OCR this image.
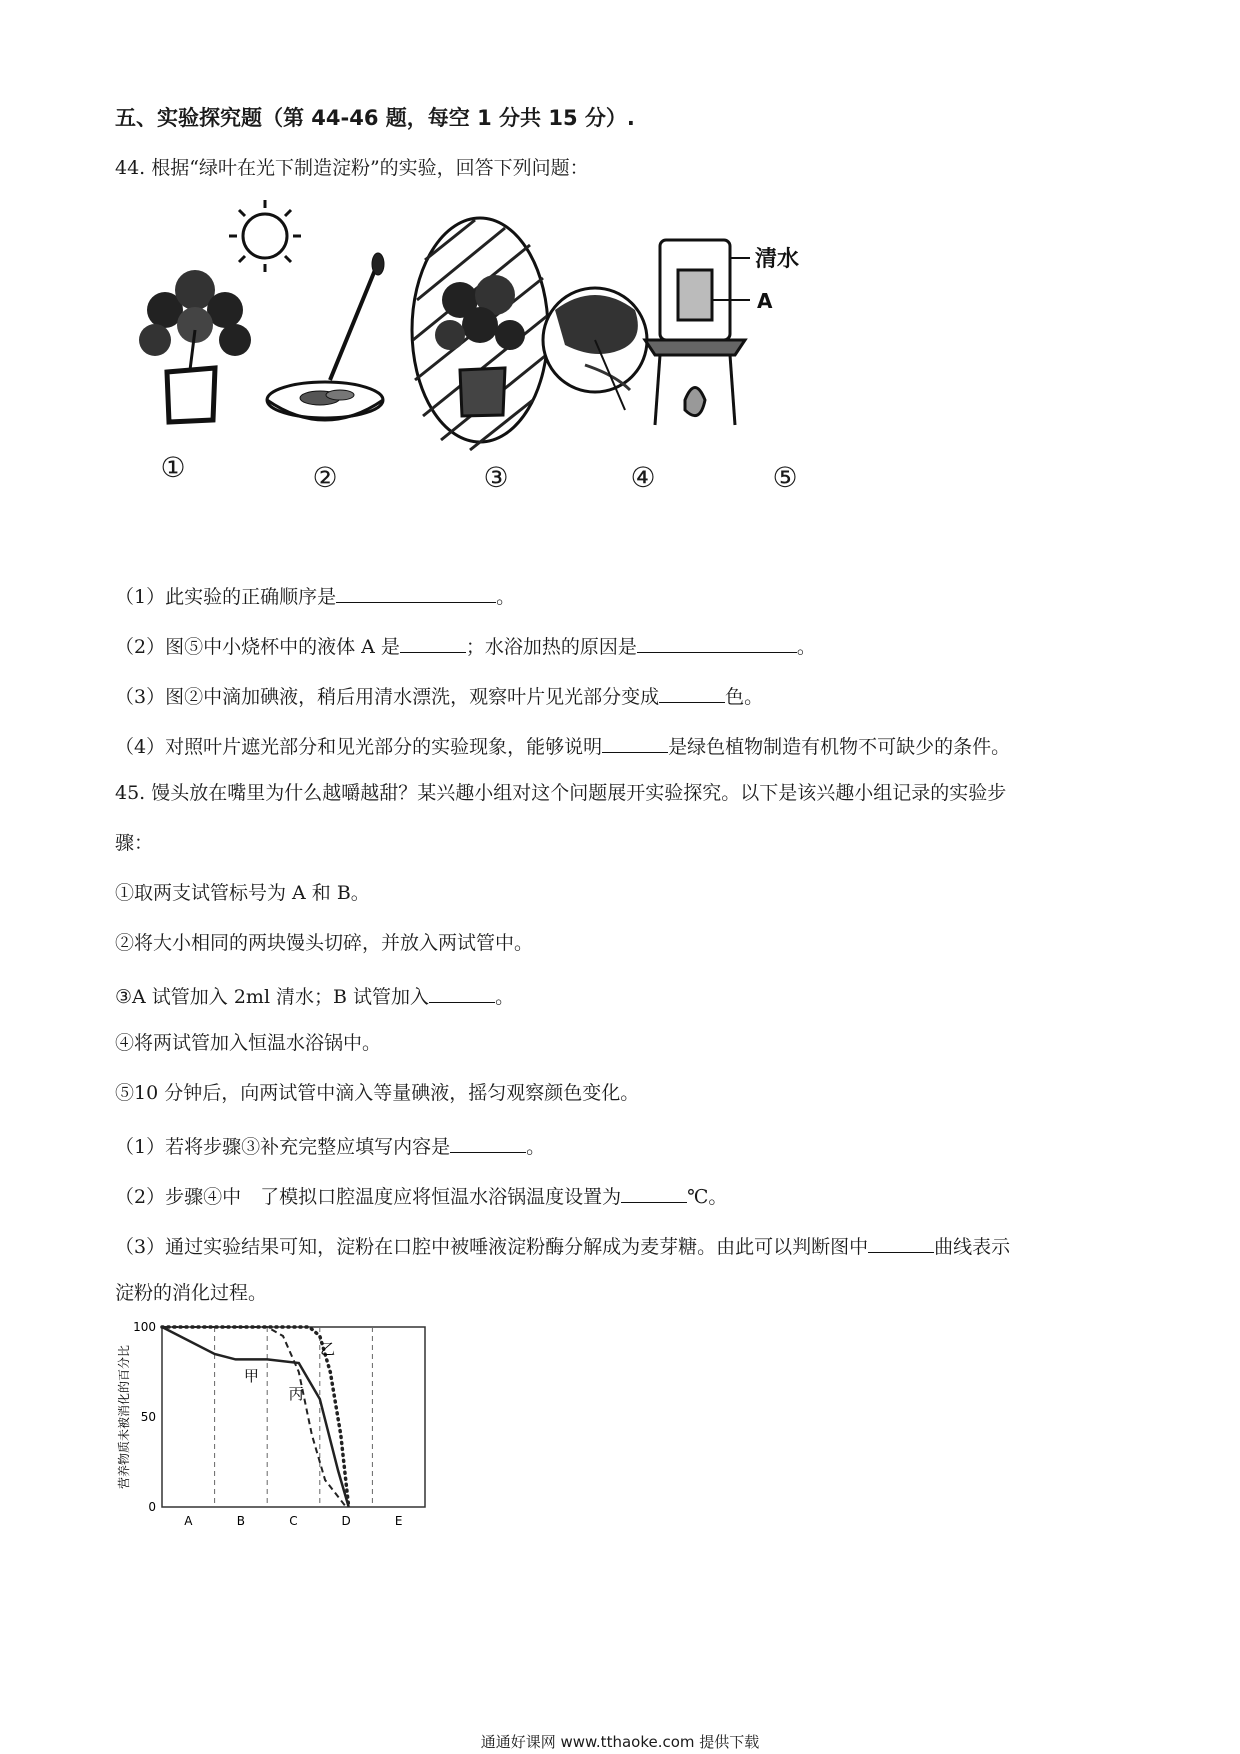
五、实验探究题（第 44-46 题，每空 1 分共 15 分）.
44. 根据“绿叶在光下制造淀粉”的实验，回答下列问题：
清水
A
①	②	③	④	⑤
（1）此实验的正确顺序是	。
（2）图⑤中小烧杯中的液体 A 是	；水浴加热的原因是	。
（3）图②中滴加碘液，稍后用清水漂洗，观察叶片见光部分变成	色。
（4）对照叶片遮光部分和见光部分的实验现象，能够说明	是绿色植物制造有机物不可缺少的条件。
45. 馒头放在嘴里为什么越嚼越甜？某兴趣小组对这个问题展开实验探究。以下是该兴趣小组记录的实验步
骤：
①取两支试管标号为 A 和 B。
②将大小相同的两块馒头切碎，并放入两试管中。
③A 试管加入 2ml 清水；B 试管加入	。
④将两试管加入恒温水浴锅中。
⑤10 分钟后，向两试管中滴入等量碘液，摇匀观察颜色变化。
（1）若将步骤③补充完整应填写内容是	。
（2）步骤④中　了模拟口腔温度应将恒温水浴锅温度设置为	℃。
（3）通过实验结果可知，淀粉在口腔中被唾液淀粉酶分解成为麦芽糖。由此可以判断图中	曲线表示
淀粉的消化过程。
A	B	C	D	E
100
50
0
营养物质未被消化的百分比	甲
乙
丙
通通好课网 www.tthaoke.com 提供下载
